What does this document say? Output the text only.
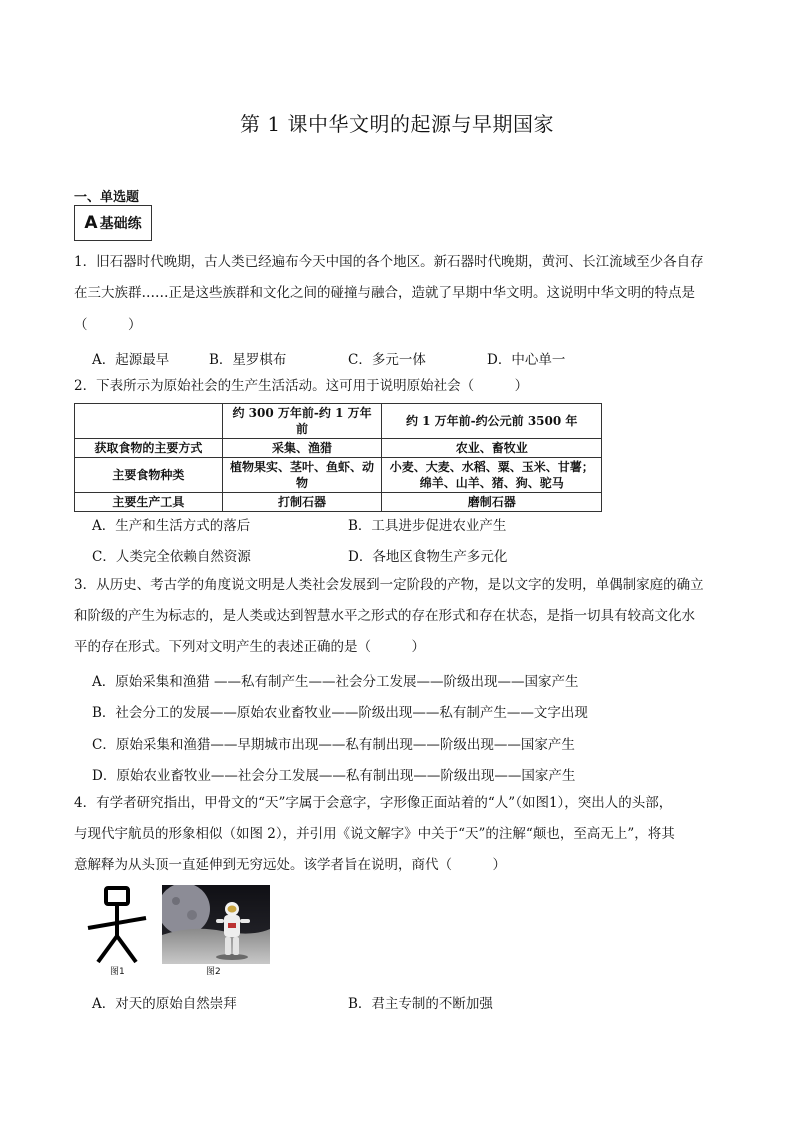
第 1 课中华文明的起源与早期国家
一、单选题
A 基础练
1．旧石器时代晚期，古人类已经遍布今天中国的各个地区。新石器时代晚期，黄河、长江流域至少各自存
在三大族群……正是这些族群和文化之间的碰撞与融合，造就了早期中华文明。这说明中华文明的特点是
（　　　）
A．起源最早	B．星罗棋布	C．多元一体	D．中心单一
2．下表所示为原始社会的生产生活活动。这可用于说明原始社会（　　　）
	约 300 万年前-约 1 万年前	约 1 万年前-约公元前 3500 年
获取食物的主要方式	采集、渔猎	农业、畜牧业
主要食物种类	植物果实、茎叶、鱼虾、动物	小麦、大麦、水稻、粟、玉米、甘薯；绵羊、山羊、猪、狗、驼马
主要生产工具	打制石器	磨制石器
A．生产和生活方式的落后	B．工具进步促进农业产生
C．人类完全依赖自然资源	D．各地区食物生产多元化
3．从历史、考古学的角度说文明是人类社会发展到一定阶段的产物，是以文字的发明，单偶制家庭的确立
和阶级的产生为标志的，是人类或达到智慧水平之形式的存在形式和存在状态，是指一切具有较高文化水
平的存在形式。下列对文明产生的表述正确的是（　　　）
A．原始采集和渔猎 ——私有制产生——社会分工发展——阶级出现——国家产生
B．社会分工的发展——原始农业畜牧业——阶级出现——私有制产生——文字出现
C．原始采集和渔猎——早期城市出现——私有制出现——阶级出现——国家产生
D．原始农业畜牧业——社会分工发展——私有制出现——阶级出现——国家产生
4．有学者研究指出，甲骨文的“天”字属于会意字，字形像正面站着的“人”（如图1），突出人的头部，
与现代宇航员的形象相似（如图 2），并引用《说文解字》中关于“天”的注解“颠也，至高无上”，将其
意解释为从头顶一直延伸到无穷远处。该学者旨在说明，商代（　　　）
图1	图2
A．对天的原始自然崇拜	B．君主专制的不断加强
